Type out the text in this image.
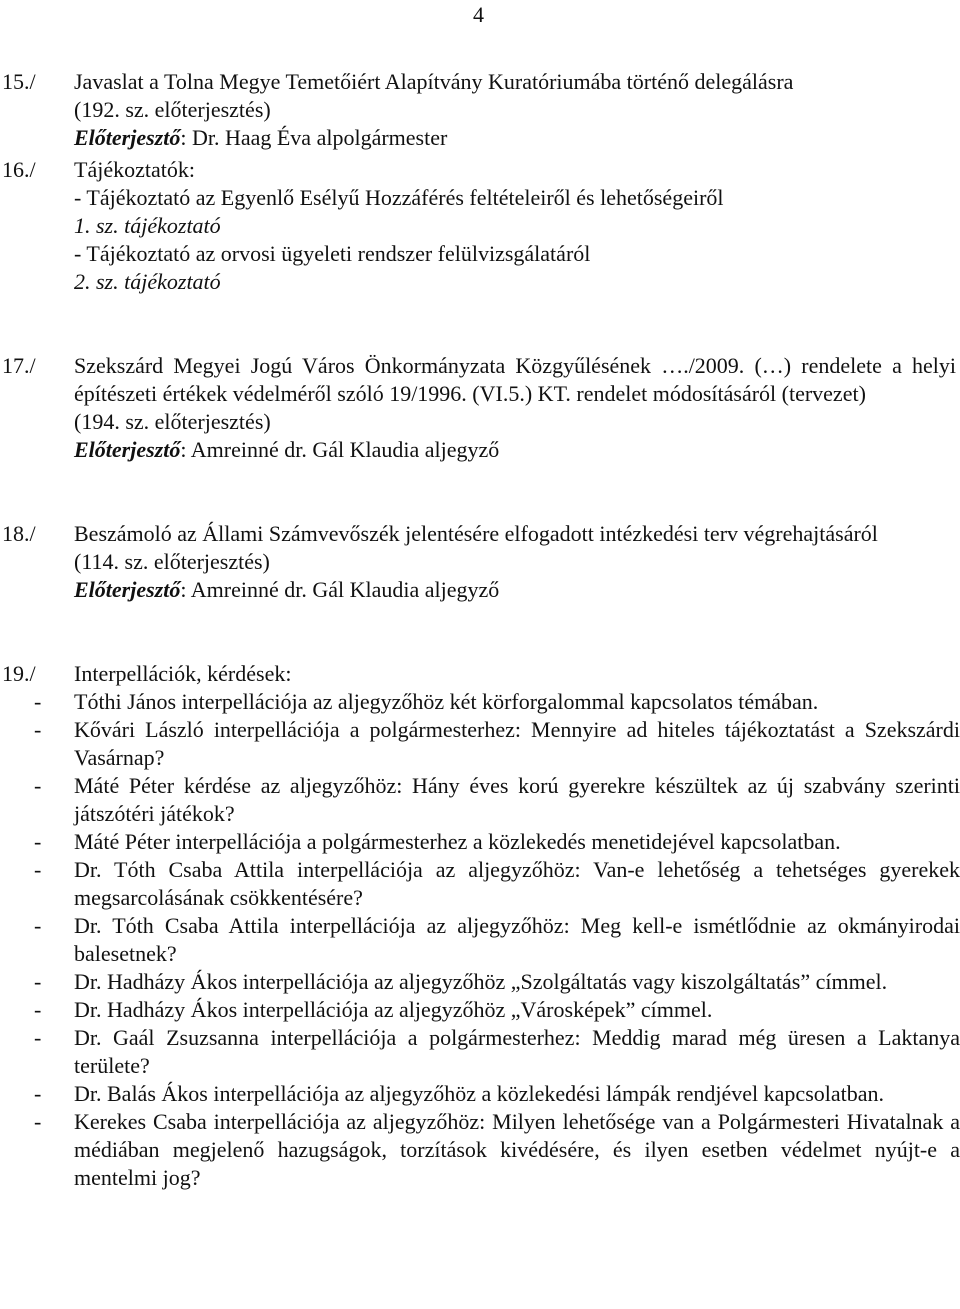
4
15./	Javaslat a Tolna Megye Temetőiért Alapítvány Kuratóriumába történő delegálásra
(192. sz. előterjesztés)
Előterjesztő: Dr. Haag Éva alpolgármester
16./	Tájékoztatók:
- Tájékoztató az Egyenlő Esélyű Hozzáférés feltételeiről és lehetőségeiről
1. sz. tájékoztató
- Tájékoztató az orvosi ügyeleti rendszer felülvizsgálatáról
2. sz. tájékoztató
17./	Szekszárd Megyei Jogú Város Önkormányzata Közgyűlésének …./2009. (…) rendelete a helyi építészeti értékek védelméről szóló 19/1996. (VI.5.) KT. rendelet módosításáról (tervezet)
(194. sz. előterjesztés)
Előterjesztő: Amreinné dr. Gál Klaudia aljegyző
18./	Beszámoló az Állami Számvevőszék jelentésére elfogadott intézkedési terv végrehajtásáról
(114. sz. előterjesztés)
Előterjesztő: Amreinné dr. Gál Klaudia aljegyző
19./	Interpellációk, kérdések:
- Tóthi János interpellációja az aljegyzőhöz két körforgalommal kapcsolatos témában.
- Kővári László interpellációja a polgármesterhez: Mennyire ad hiteles tájékoztatást a Szekszárdi Vasárnap?
- Máté Péter kérdése az aljegyzőhöz: Hány éves korú gyerekre készültek az új szabvány szerinti játszótéri játékok?
- Máté Péter interpellációja a polgármesterhez a közlekedés menetidejével kapcsolatban.
- Dr. Tóth Csaba Attila interpellációja az aljegyzőhöz: Van-e lehetőség a tehetséges gyerekek megsarcolásának csökkentésére?
- Dr. Tóth Csaba Attila interpellációja az aljegyzőhöz: Meg kell-e ismétlődnie az okmányirodai balesetnek?
- Dr. Hadházy Ákos interpellációja az aljegyzőhöz „Szolgáltatás vagy kiszolgáltatás” címmel.
- Dr. Hadházy Ákos interpellációja az aljegyzőhöz „Városképek” címmel.
- Dr. Gaál Zsuzsanna interpellációja a polgármesterhez: Meddig marad még üresen a Laktanya területe?
- Dr. Balás Ákos interpellációja az aljegyzőhöz a közlekedési lámpák rendjével kapcsolatban.
- Kerekes Csaba interpellációja az aljegyzőhöz: Milyen lehetősége van a Polgármesteri Hivatalnak a médiában megjelenő hazugságok, torzítások kivédésére, és ilyen esetben védelmet nyújt-e a mentelmi jog?
